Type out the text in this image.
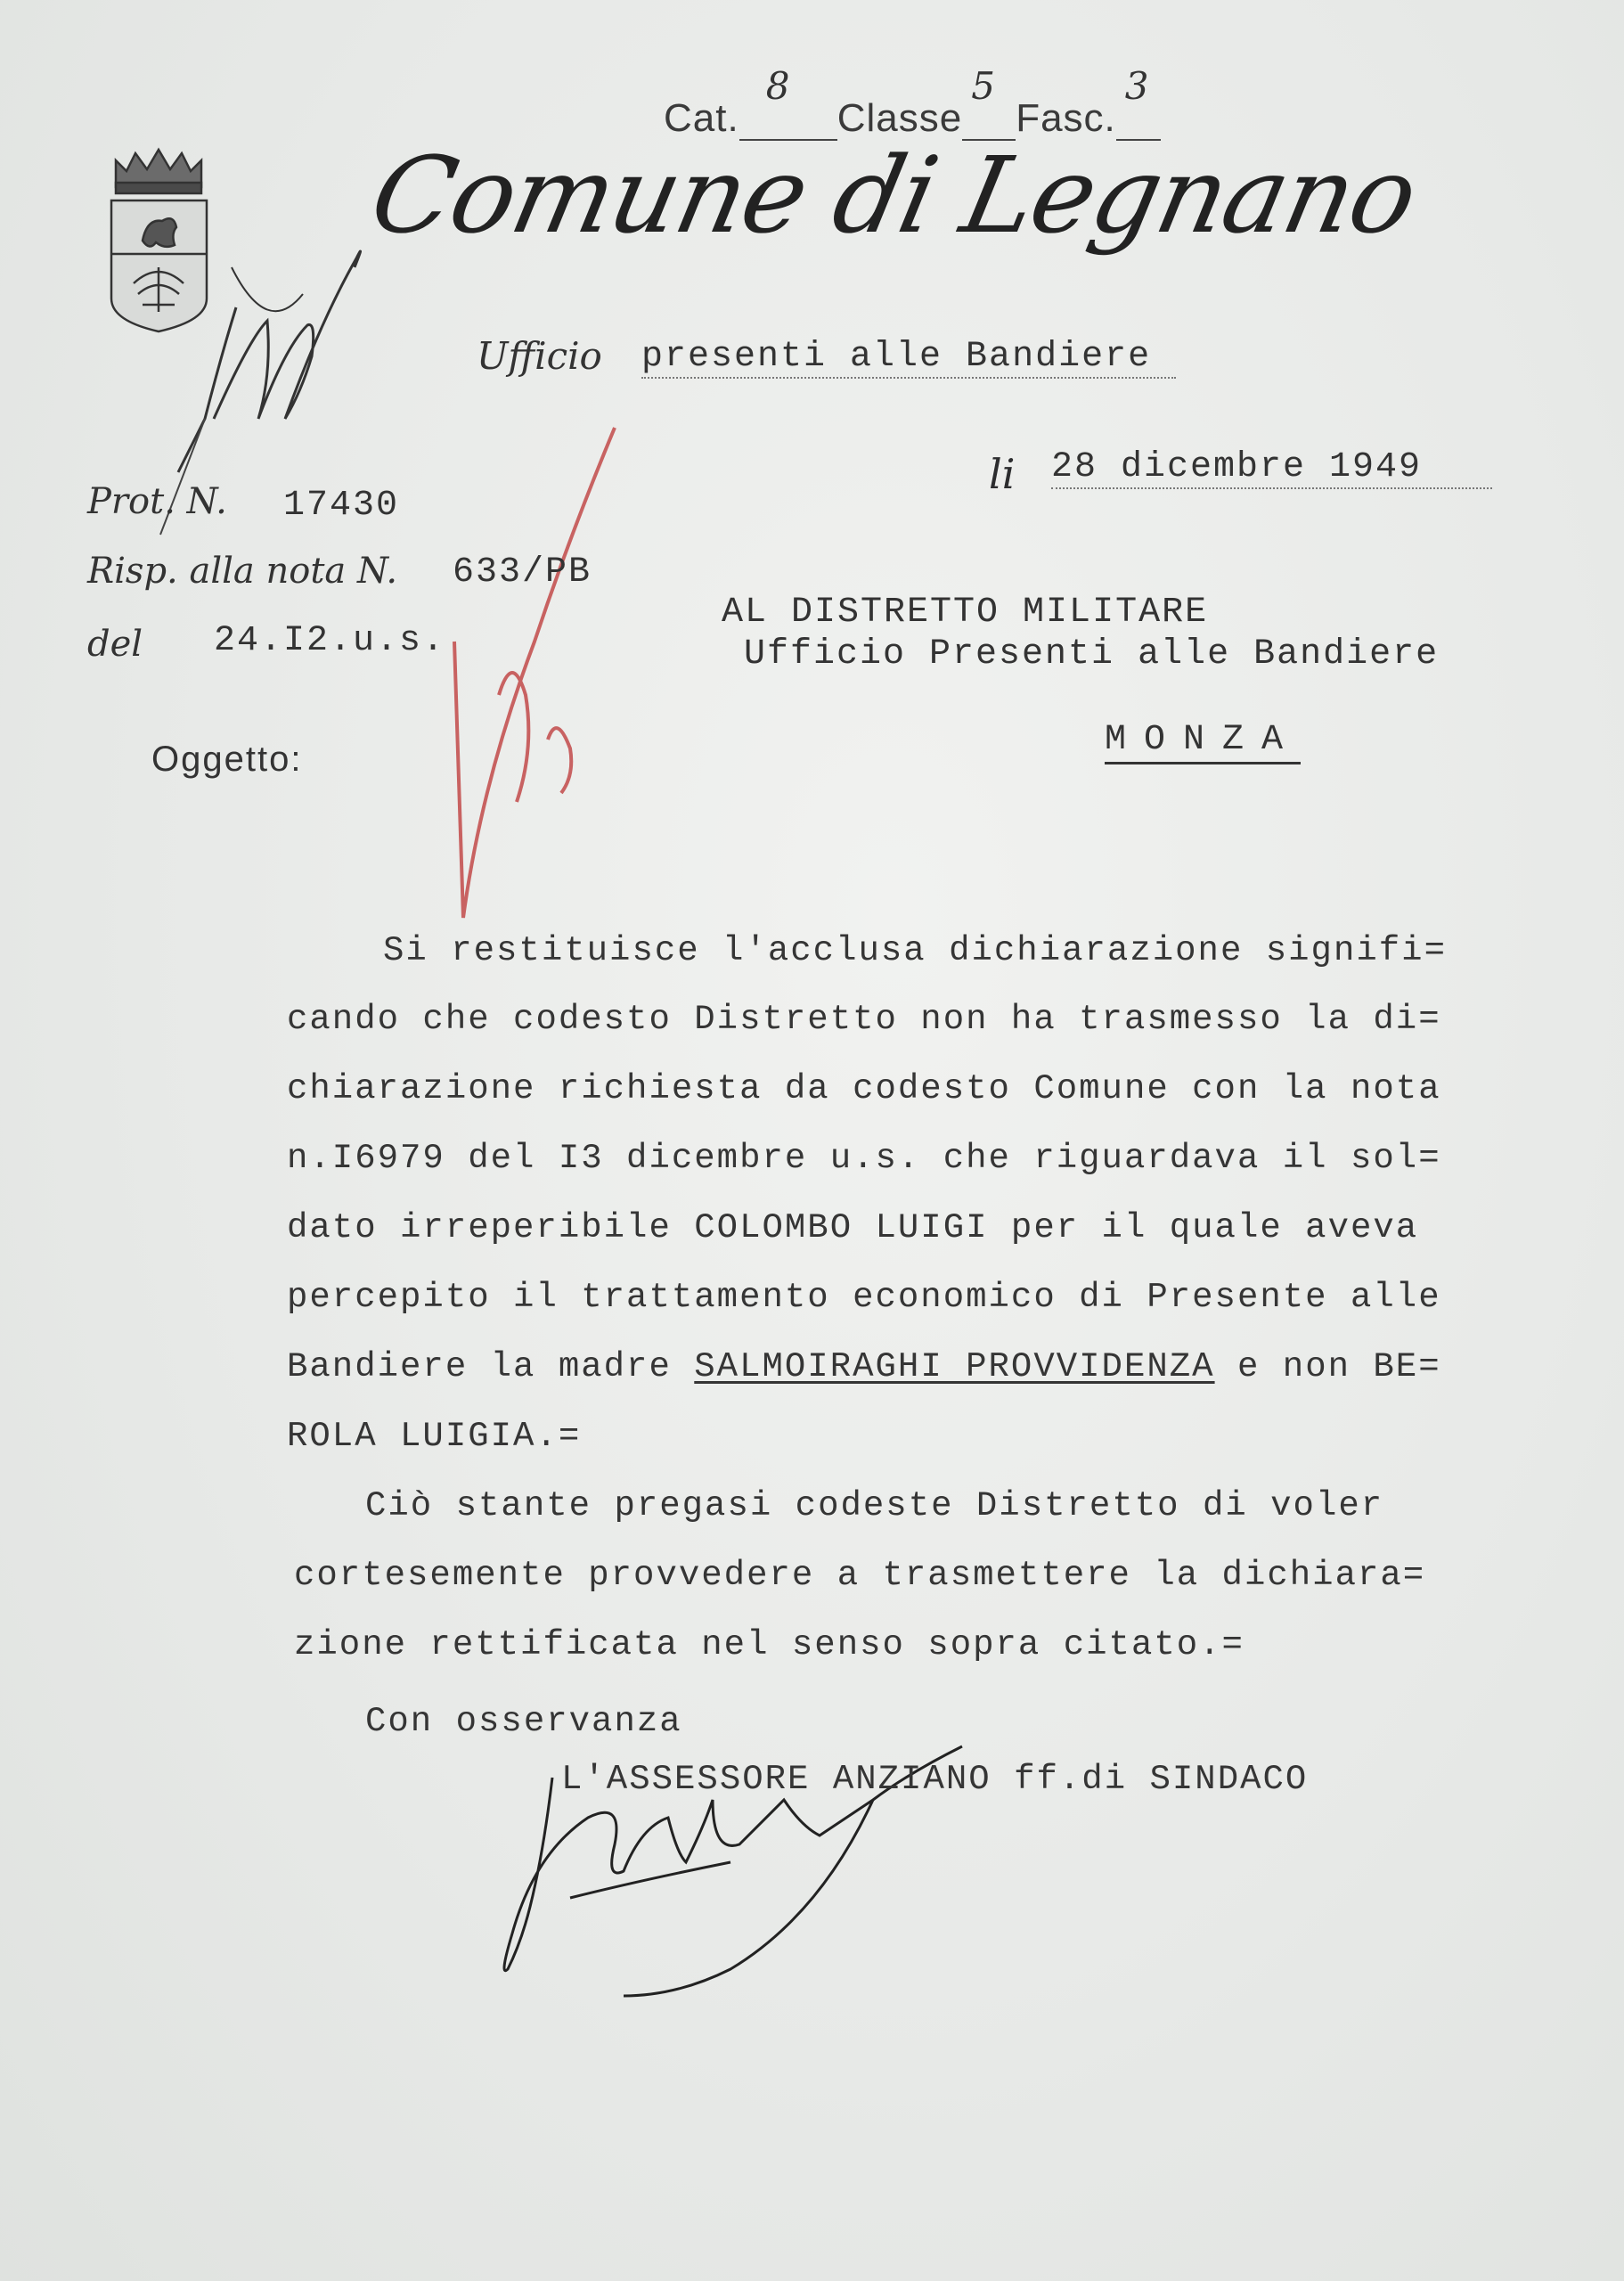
Cat.
8
Classe
5
Fasc.
3
Comune di Legnano
Ufficio presenti alle Bandiere
li 28 dicembre 1949
Prot. N. 17430
Risp. alla nota N. 633/PB
del 24.I2.u.s.
Oggetto:
AL DISTRETTO MILITARE
Ufficio Presenti alle Bandiere
MONZA
Si restituisce l'acclusa dichiarazione signifi=
cando che codesto Distretto non ha trasmesso la di=
chiarazione richiesta da codesto Comune con la nota
n.I6979 del I3 dicembre u.s. che riguardava il sol=
dato irreperibile COLOMBO LUIGI per il quale aveva
percepito il trattamento economico di Presente alle
Bandiere la madre SALMOIRAGHI PROVVIDENZA e non BE=
ROLA LUIGIA.=
Ciò stante pregasi codeste Distretto di voler
cortesemente provvedere a trasmettere la dichiara=
zione rettificata nel senso sopra citato.=
Con osservanza
L'ASSESSORE ANZIANO ff.di SINDACO
